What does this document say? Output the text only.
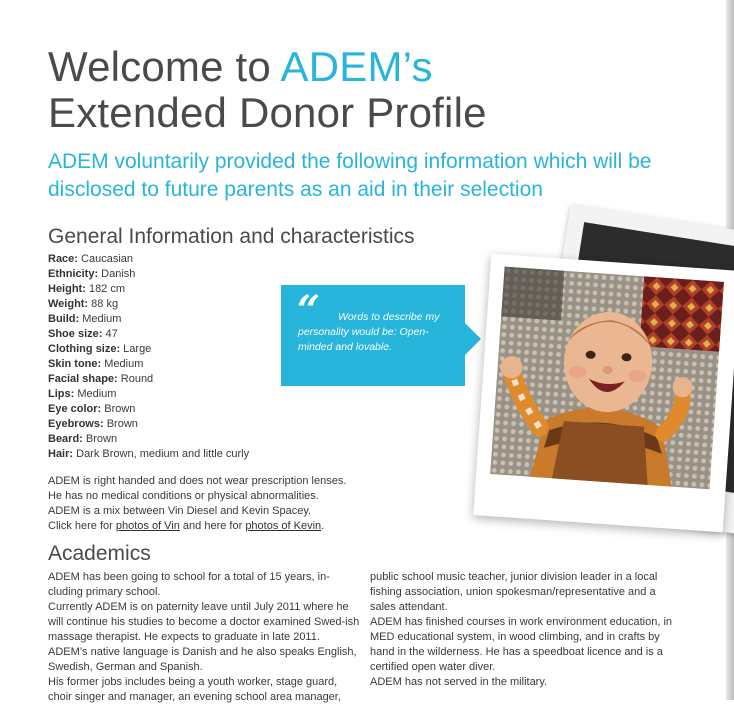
Welcome to ADEM’s
Extended Donor Profile
ADEM voluntarily provided the following information which will be disclosed to future parents as an aid in their selection
General Information and characteristics
Race: Caucasian
Ethnicity: Danish
Height: 182 cm
Weight: 88 kg
Build: Medium
Shoe size: 47
Clothing size: Large
Skin tone: Medium
Facial shape: Round
Lips: Medium
Eye color: Brown
Eyebrows: Brown
Beard: Brown
Hair: Dark Brown, medium and little curly
ADEM is right handed and does not wear prescription lenses.
He has no medical conditions or physical abnormalities.
ADEM is a mix between Vin Diesel and Kevin Spacey.
Click here for photos of Vin and here for photos of Kevin.
“	Words to describe my personality would be: Open-minded and lovable.
Academics
ADEM has been going to school for a total of 15 years, in-cluding primary school.
Currently ADEM is on paternity leave until July 2011 where he will continue his studies to become a doctor examined Swed-ish massage therapist. He expects to graduate in late 2011.
ADEM’s native language is Danish and he also speaks English, Swedish, German and Spanish.
His former jobs includes being a youth worker, stage guard, choir singer and manager, an evening school area manager,
public school music teacher, junior division leader in a local fishing association, union spokesman/representative and a sales attendant.
ADEM has finished courses in work environment education, in MED educational system, in wood climbing, and in crafts by hand in the wilderness. He has a speedboat licence and is a certified open water diver.
ADEM has not served in the military.
